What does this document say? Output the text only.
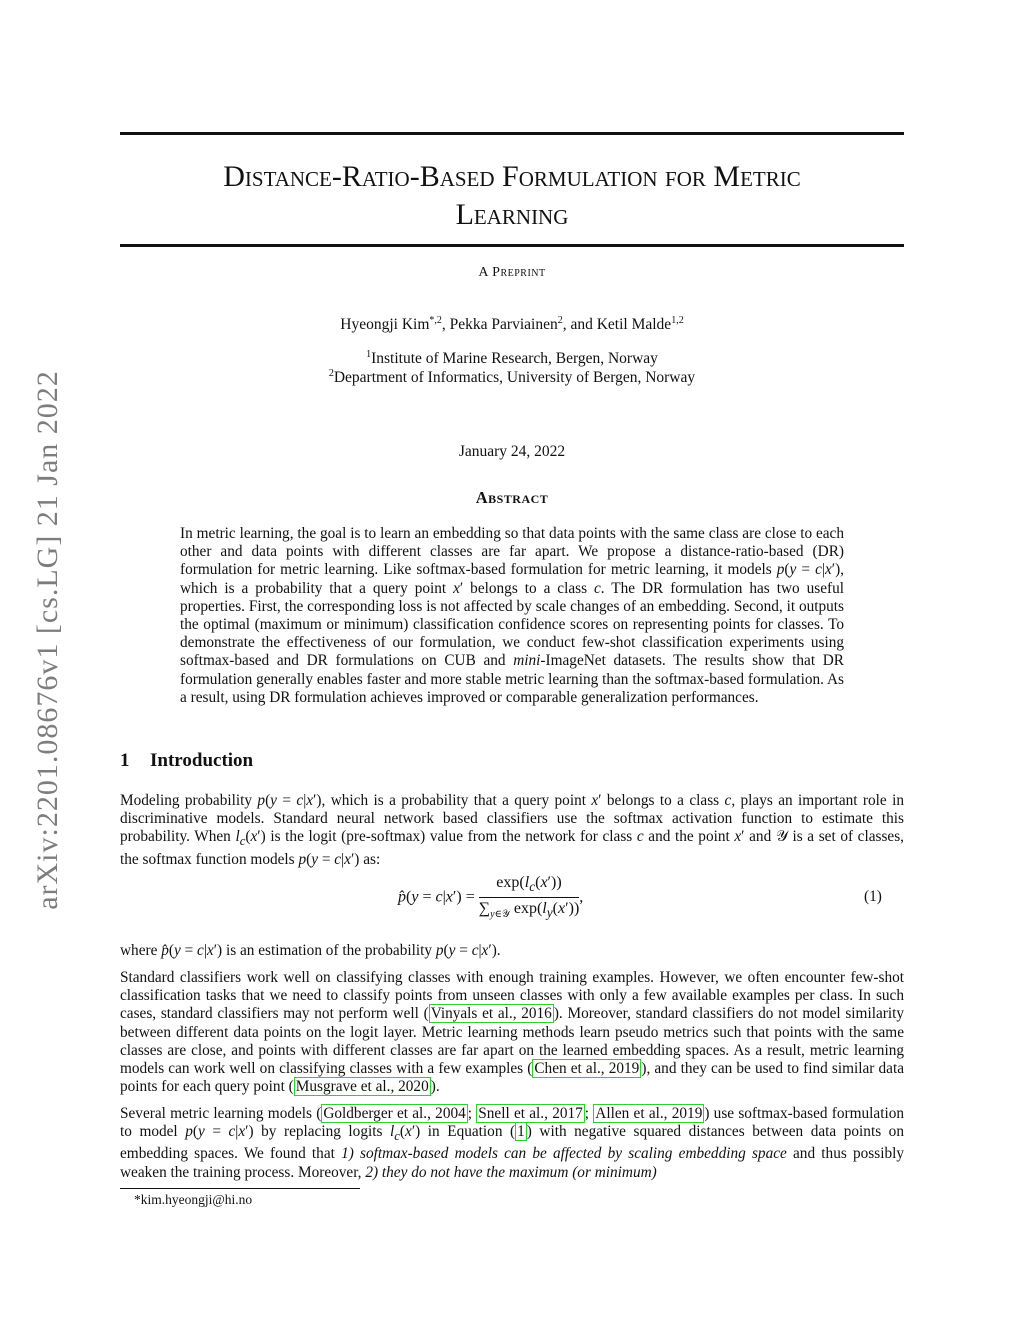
arXiv:2201.08676v1 [cs.LG] 21 Jan 2022
Distance-Ratio-Based Formulation for Metric
Learning
A Preprint
Hyeongji Kim$^{*,2}$, Pekka Parviainen$^2$, and Ketil Malde$^{1,2}$
$^1$Institute of Marine Research, Bergen, Norway
$^2$Department of Informatics, University of Bergen, Norway
January 24, 2022
Abstract
In metric learning, the goal is to learn an embedding so that data points with the same class are close to each other and data points with different classes are far apart. We propose a distance-ratio-based (DR) formulation for metric learning. Like softmax-based formulation for metric learning, it models p(y = c|x′), which is a probability that a query point x′ belongs to a class c. The DR formulation has two useful properties. First, the corresponding loss is not affected by scale changes of an embedding. Second, it outputs the optimal (maximum or minimum) classification confidence scores on representing points for classes. To demonstrate the effectiveness of our formulation, we conduct few-shot classification experiments using softmax-based and DR formulations on CUB and mini-ImageNet datasets. The results show that DR formulation generally enables faster and more stable metric learning than the softmax-based formulation. As a result, using DR formulation achieves improved or comparable generalization performances.
1 Introduction

Modeling probability p(y = c|x′), which is a probability that a query point x′ belongs to a class c, plays an important role in discriminative models. Standard neural network based classifiers use the softmax activation function to estimate this probability. When $l_c(x')$ is the logit (pre-softmax) value from the network for class c and the point x′ and 𝒴 is a set of classes, the softmax function models p(y = c|x′) as:

p̂(y = $c|x') = \frac{\exp(l_c(x'))}{\sum_{y\in 𝒴} \exp(l_y(x'))}$ ,	(1)

where p̂(y = c|x′) is an estimation of the probability p(y = c|x′).

Standard classifiers work well on classifying classes with enough training examples. However, we often encounter few-shot classification tasks that we need to classify points from unseen classes with only a few available examples per class. In such cases, standard classifiers may not perform well ( Vinyals et al., 2016 ). Moreover, standard classifiers do not model similarity between different data points on the logit layer. Metric learning methods learn pseudo metrics such that points with the same classes are close, and points with different classes are far apart on the learned embedding spaces. As a result, metric learning models can work well on classifying classes with a few examples ( Chen et al., 2019 ), and they can be used to find similar data points for each query point ( Musgrave et al., 2020 ).

Several metric learning models ( Goldberger et al., 2004 ; Snell et al., 2017 ; Allen et al., 2019 ) use softmax-based formulation to model p(y = c|x′) by replacing logits $l_c(x')$ in Equation ( 1 ) with negative squared distances between data points on embedding spaces. We found that 1) softmax-based models can be affected by scaling embedding space and thus possibly weaken the training process. Moreover, 2) they do not have the maximum (or minimum)

*kim.hyeongji@hi.no
